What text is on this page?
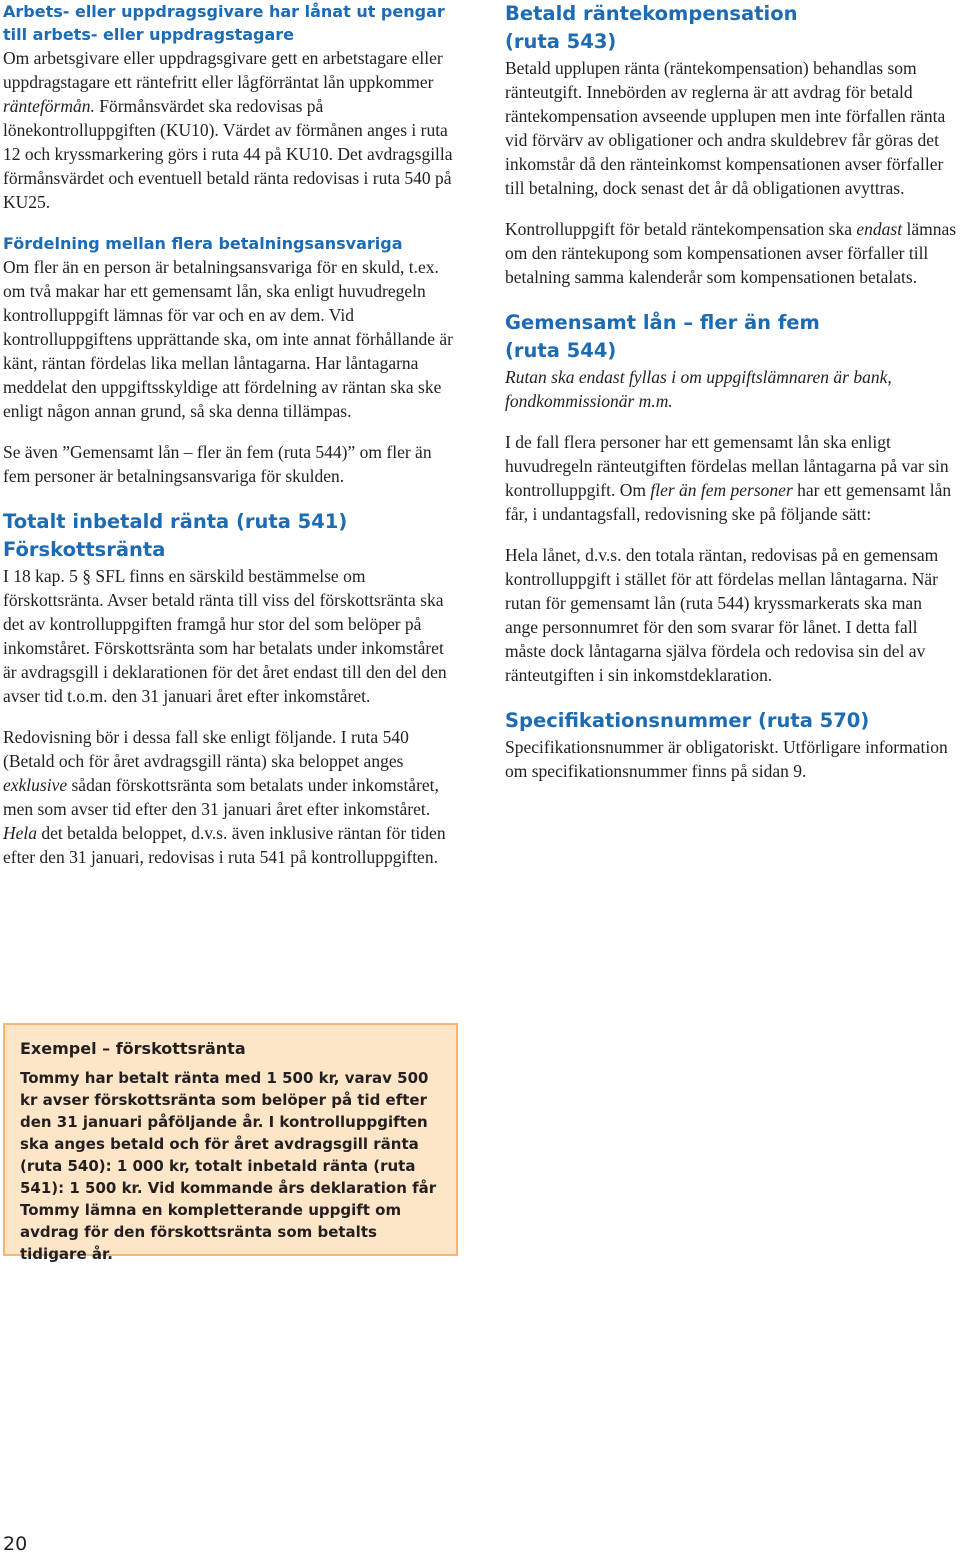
Arbets- eller uppdragsgivare har lånat ut pengar
till arbets- eller uppdragstagare

Om arbetsgivare eller uppdragsgivare gett en arbetstagare eller uppdragstagare ett räntefritt eller lågförräntat lån uppkommer ränteförmån. Förmånsvärdet ska redovisas på lönekontrolluppgiften (KU10). Värdet av förmånen anges i ruta 12 och kryssmarkering görs i ruta 44 på KU10. Det avdragsgilla förmånsvärdet och eventuell betald ränta redovisas i ruta 540 på KU25.

Fördelning mellan flera betalningsansvariga

Om fler än en person är betalningsansvariga för en skuld, t.ex. om två makar har ett gemensamt lån, ska enligt huvudregeln kontrolluppgift lämnas för var och en av dem. Vid kontrolluppgiftens upprättande ska, om inte annat förhållande är känt, räntan fördelas lika mellan låntagarna. Har låntagarna meddelat den uppgiftsskyldige att fördelning av räntan ska ske enligt någon annan grund, så ska denna tillämpas.

Se även ”Gemensamt lån – fler än fem (ruta 544)” om fler än fem personer är betalningsansvariga för skulden.

Totalt inbetald ränta (ruta 541)
Förskottsränta

I 18 kap. 5 § SFL finns en särskild bestämmelse om förskottsränta. Avser betald ränta till viss del förskottsränta ska det av kontrolluppgiften framgå hur stor del som belöper på inkomståret. Förskottsränta som har betalats under inkomståret är avdragsgill i deklarationen för det året endast till den del den avser tid t.o.m. den 31 januari året efter inkomståret.

Redovisning bör i dessa fall ske enligt följande. I ruta 540 (Betald och för året avdragsgill ränta) ska beloppet anges exklusive sådan förskottsränta som betalats under inkomståret, men som avser tid efter den 31 januari året efter inkomståret. Hela det betalda beloppet, d.v.s. även inklusive räntan för tiden efter den 31 januari, redovisas i ruta 541 på kontrolluppgiften.

Exempel – förskottsränta

Tommy har betalt ränta med 1 500 kr, varav 500 kr avser förskottsränta som belöper på tid efter den 31 januari påföljande år. I kontrolluppgiften ska anges betald och för året avdragsgill ränta (ruta 540): 1 000 kr, totalt inbetald ränta (ruta 541): 1 500 kr. Vid kommande års deklaration får Tommy lämna en kompletterande uppgift om avdrag för den förskottsränta som betalts tidigare år.

Betald räntekompensation
(ruta 543)

Betald upplupen ränta (räntekompensation) behandlas som ränteutgift. Innebörden av reglerna är att avdrag för betald räntekompensation avseende upplupen men inte förfallen ränta vid förvärv av obligationer och andra skuldebrev får göras det inkomstår då den ränteinkomst kompensationen avser förfaller till betalning, dock senast det år då obligationen avyttras.

Kontrolluppgift för betald räntekompensation ska endast lämnas om den räntekupong som kompensationen avser förfaller till betalning samma kalenderår som kompensationen betalats.

Gemensamt lån – fler än fem
(ruta 544)

Rutan ska endast fyllas i om uppgiftslämnaren är bank, fondkommissionär m.m.

I de fall flera personer har ett gemensamt lån ska enligt huvudregeln ränteutgiften fördelas mellan låntagarna på var sin kontrolluppgift. Om fler än fem personer har ett gemensamt lån får, i undantagsfall, redovisning ske på följande sätt:

Hela lånet, d.v.s. den totala räntan, redovisas på en gemensam kontrolluppgift i stället för att fördelas mellan låntagarna. När rutan för gemensamt lån (ruta 544) kryssmarkerats ska man ange personnumret för den som svarar för lånet. I detta fall måste dock låntagarna själva fördela och redovisa sin del av ränteutgiften i sin inkomstdeklaration.

Specifikationsnummer (ruta 570)

Specifikationsnummer är obligatoriskt. Utförligare information om specifikationsnummer finns på sidan 9.

20
